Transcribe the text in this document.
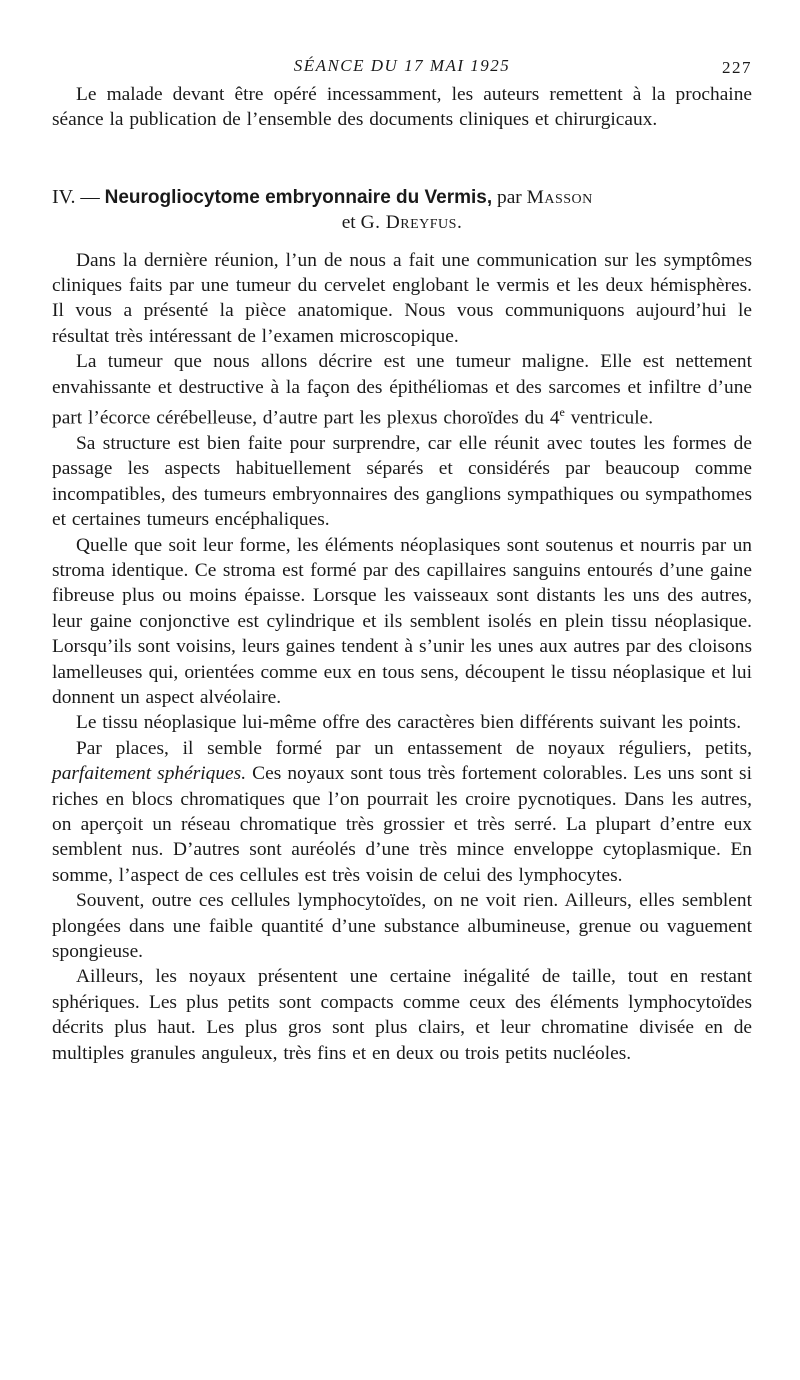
SÉANCE DU 17 MAI 1925	227

Le malade devant être opéré incessamment, les auteurs remettent à la prochaine séance la publication de l’ensemble des documents cliniques et chirurgicaux.

IV. — Neurogliocytome embryonnaire du Vermis, par Masson
et G. Dreyfus.

Dans la dernière réunion, l’un de nous a fait une communication sur les symptômes cliniques faits par une tumeur du cervelet englobant le vermis et les deux hémisphères. Il vous a présenté la pièce anatomique. Nous vous communiquons aujourd’hui le résultat très intéressant de l’examen microscopique.

La tumeur que nous allons décrire est une tumeur maligne. Elle est nettement envahissante et destructive à la façon des épithéliomas et des sarcomes et infiltre d’une part l’écorce cérébelleuse, d’autre part les plexus choroïdes du 4e ventricule.

Sa structure est bien faite pour surprendre, car elle réunit avec toutes les formes de passage les aspects habituellement séparés et considérés par beaucoup comme incompatibles, des tumeurs embryonnaires des ganglions sympathiques ou sympathomes et certaines tumeurs encéphaliques.

Quelle que soit leur forme, les éléments néoplasiques sont soutenus et nourris par un stroma identique. Ce stroma est formé par des capillaires sanguins entourés d’une gaine fibreuse plus ou moins épaisse. Lorsque les vaisseaux sont distants les uns des autres, leur gaine conjonctive est cylindrique et ils semblent isolés en plein tissu néoplasique. Lorsqu’ils sont voisins, leurs gaines tendent à s’unir les unes aux autres par des cloisons lamelleuses qui, orientées comme eux en tous sens, découpent le tissu néoplasique et lui donnent un aspect alvéolaire.

Le tissu néoplasique lui-même offre des caractères bien différents suivant les points.

Par places, il semble formé par un entassement de noyaux réguliers, petits, parfaitement sphériques. Ces noyaux sont tous très fortement colorables. Les uns sont si riches en blocs chromatiques que l’on pourrait les croire pycnotiques. Dans les autres, on aperçoit un réseau chromatique très grossier et très serré. La plupart d’entre eux semblent nus. D’autres sont auréolés d’une très mince enveloppe cytoplasmique. En somme, l’aspect de ces cellules est très voisin de celui des lymphocytes.

Souvent, outre ces cellules lymphocytoïdes, on ne voit rien. Ailleurs, elles semblent plongées dans une faible quantité d’une substance albumineuse, grenue ou vaguement spongieuse.

Ailleurs, les noyaux présentent une certaine inégalité de taille, tout en restant sphériques. Les plus petits sont compacts comme ceux des éléments lymphocytoïdes décrits plus haut. Les plus gros sont plus clairs, et leur chromatine divisée en de multiples granules anguleux, très fins et en deux ou trois petits nucléoles.
